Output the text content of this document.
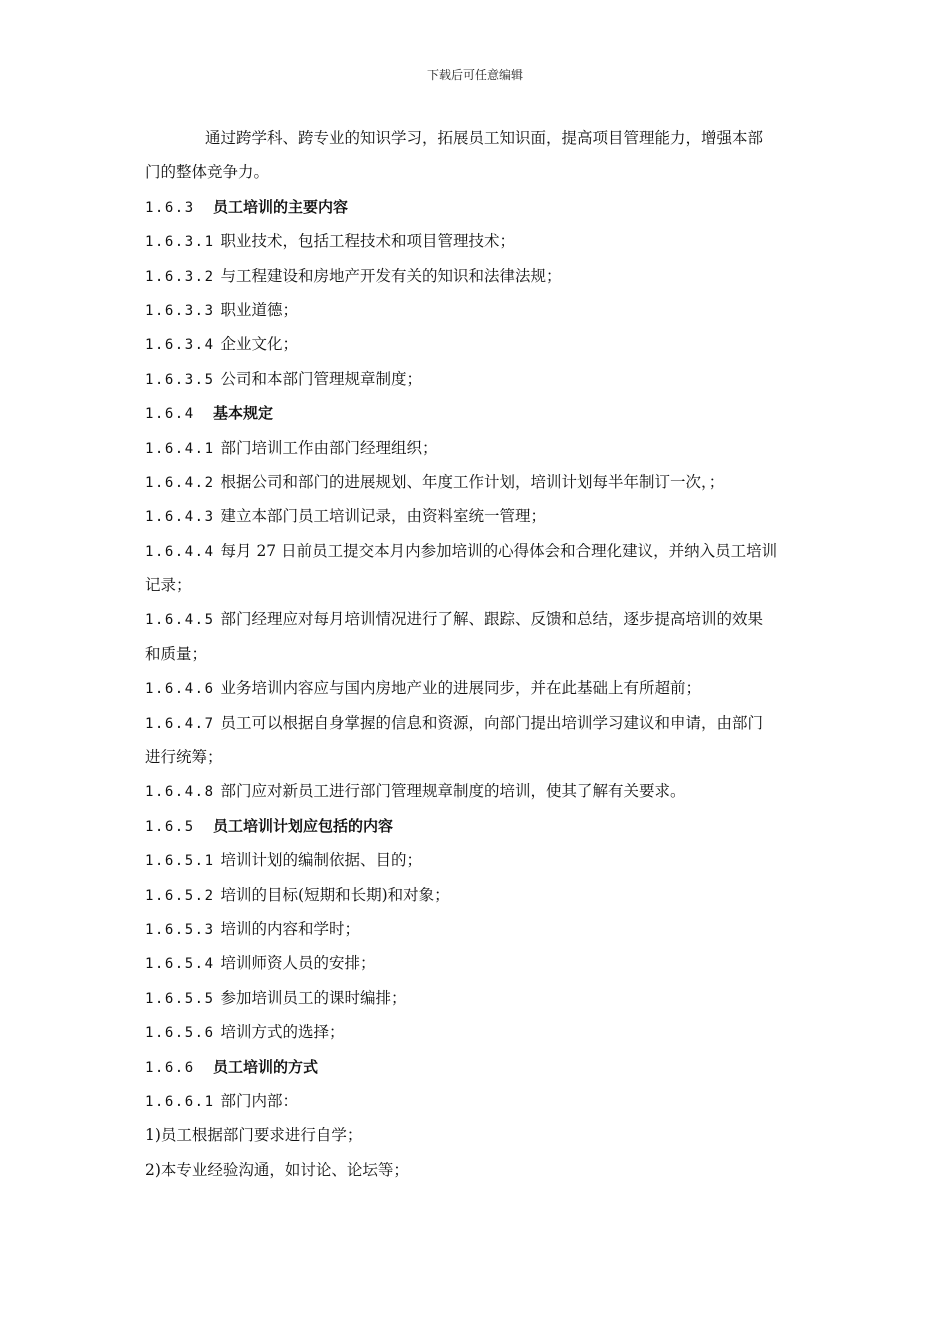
下载后可任意编辑
通过跨学科、跨专业的知识学习，拓展员工知识面，提高项目管理能力，增强本部
门的整体竞争力。
1.6.3 员工培训的主要内容
1.6.3.1 职业技术，包括工程技术和项目管理技术；
1.6.3.2 与工程建设和房地产开发有关的知识和法律法规；
1.6.3.3 职业道德；
1.6.3.4 企业文化；
1.6.3.5 公司和本部门管理规章制度；
1.6.4 基本规定
1.6.4.1 部门培训工作由部门经理组织；
1.6.4.2 根据公司和部门的进展规划、年度工作计划，培训计划每半年制订一次，；
1.6.4.3 建立本部门员工培训记录，由资料室统一管理；
1.6.4.4 每月 27 日前员工提交本月内参加培训的心得体会和合理化建议，并纳入员工培训
记录；
1.6.4.5 部门经理应对每月培训情况进行了解、跟踪、反馈和总结，逐步提高培训的效果
和质量；
1.6.4.6 业务培训内容应与国内房地产业的进展同步，并在此基础上有所超前；
1.6.4.7 员工可以根据自身掌握的信息和资源，向部门提出培训学习建议和申请，由部门
进行统筹；
1.6.4.8 部门应对新员工进行部门管理规章制度的培训，使其了解有关要求。
1.6.5 员工培训计划应包括的内容
1.6.5.1 培训计划的编制依据、目的；
1.6.5.2 培训的目标(短期和长期)和对象；
1.6.5.3 培训的内容和学时；
1.6.5.4 培训师资人员的安排；
1.6.5.5 参加培训员工的课时编排；
1.6.5.6 培训方式的选择；
1.6.6 员工培训的方式
1.6.6.1 部门内部：
1)员工根据部门要求进行自学；
2)本专业经验沟通，如讨论、论坛等；
